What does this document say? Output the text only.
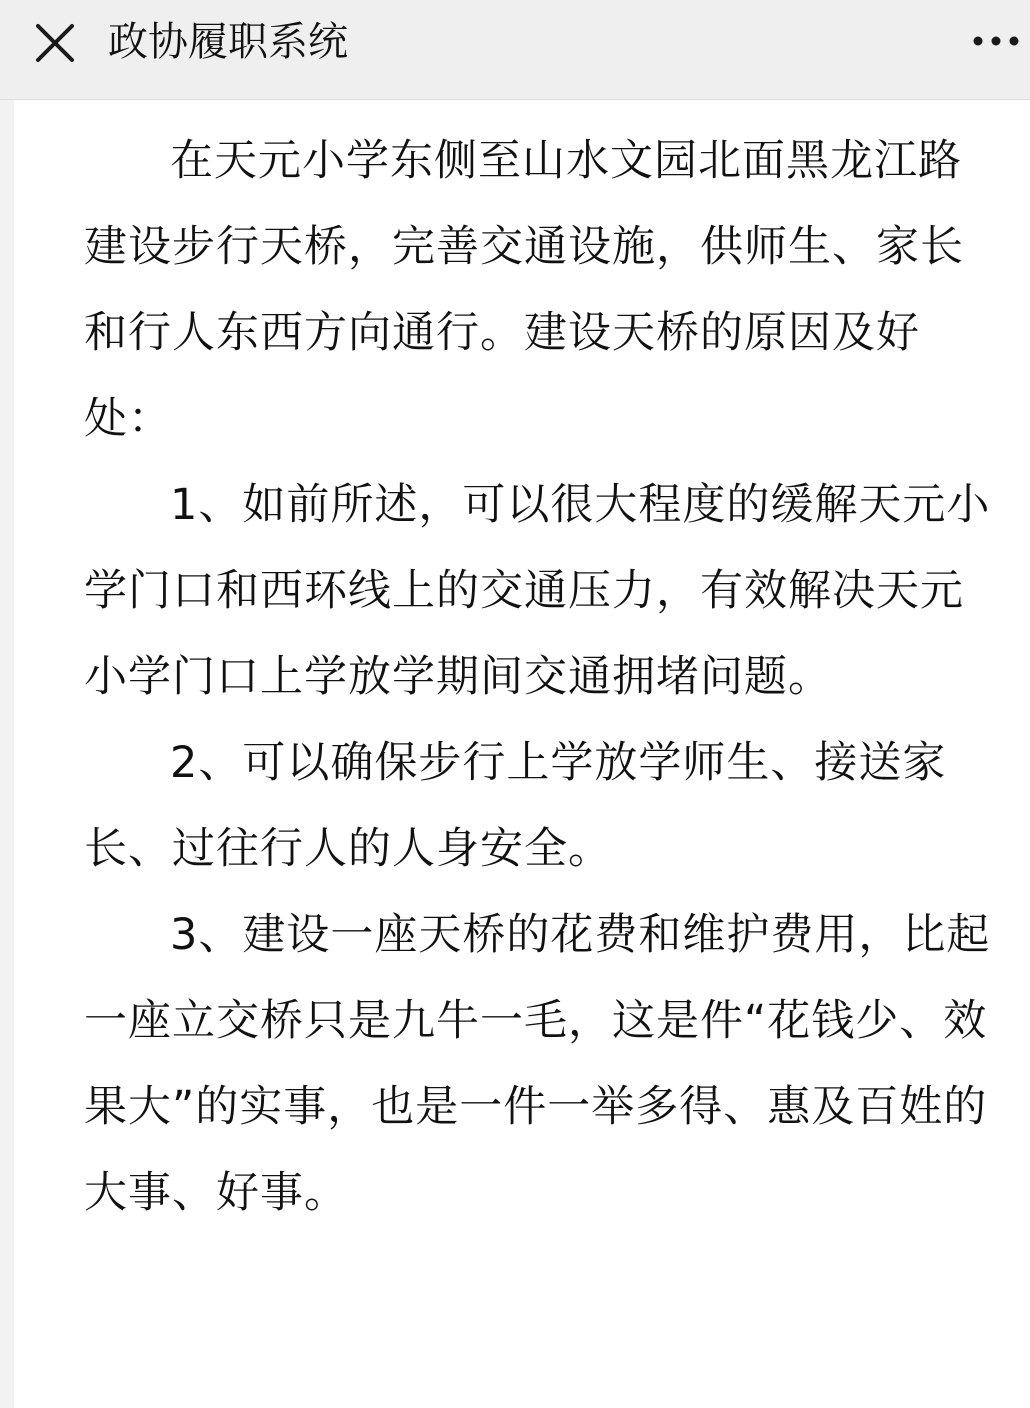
政协履职系统

在天元小学东侧至山水文园北面黑龙江路建设步行天桥，完善交通设施，供师生、家长和行人东西方向通行。建设天桥的原因及好处：

1、如前所述，可以很大程度的缓解天元小学门口和西环线上的交通压力，有效解决天元小学门口上学放学期间交通拥堵问题。

2、可以确保步行上学放学师生、接送家长、过往行人的人身安全。

3、建设一座天桥的花费和维护费用，比起一座立交桥只是九牛一毛，这是件“花钱少、效果大”的实事，也是一件一举多得、惠及百姓的大事、好事。
